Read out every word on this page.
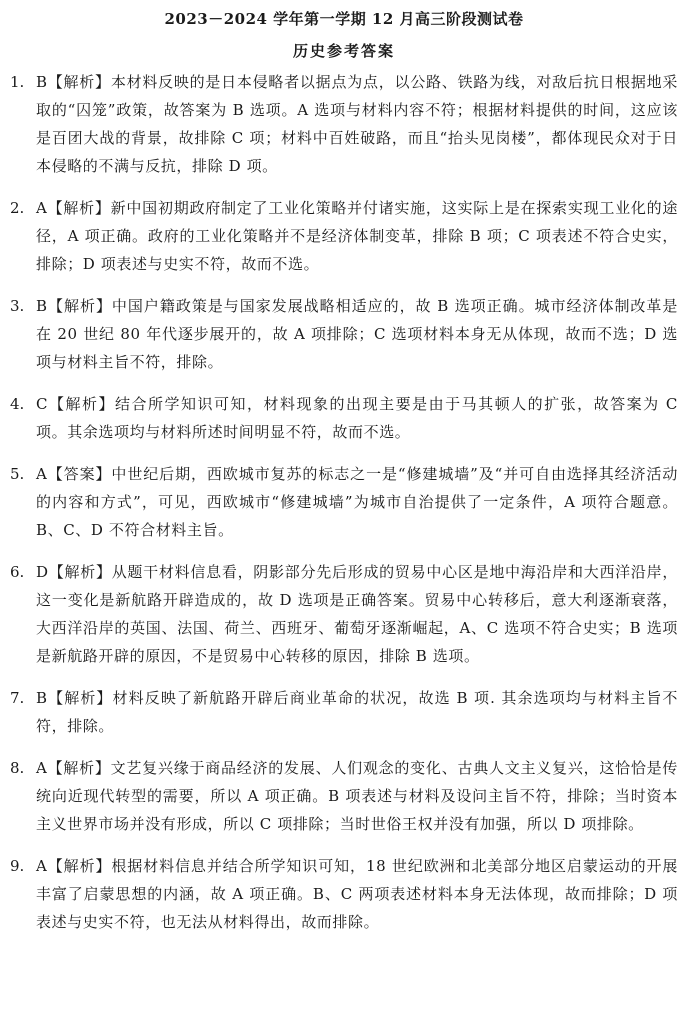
2023－2024 学年第一学期 12 月高三阶段测试卷
历史参考答案
1. B【解析】本材料反映的是日本侵略者以据点为点，以公路、铁路为线，对敌后抗日根据地采取的“囚笼”政策，故答案为 B 选项。A 选项与材料内容不符；根据材料提供的时间，这应该是百团大战的背景，故排除 C 项；材料中百姓破路，而且“抬头见岗楼”，都体现民众对于日本侵略的不满与反抗，排除 D 项。
2. A【解析】新中国初期政府制定了工业化策略并付诸实施，这实际上是在探索实现工业化的途径，A 项正确。政府的工业化策略并不是经济体制变革，排除 B 项；C 项表述不符合史实，排除；D 项表述与史实不符，故而不选。
3. B【解析】中国户籍政策是与国家发展战略相适应的，故 B 选项正确。城市经济体制改革是在 20 世纪 80 年代逐步展开的，故 A 项排除；C 选项材料本身无从体现，故而不选；D 选项与材料主旨不符，排除。
4. C【解析】结合所学知识可知，材料现象的出现主要是由于马其顿人的扩张，故答案为 C 项。其余选项均与材料所述时间明显不符，故而不选。
5. A【答案】中世纪后期，西欧城市复苏的标志之一是“修建城墙”及“并可自由选择其经济活动的内容和方式”，可见，西欧城市“修建城墙”为城市自治提供了一定条件，A 项符合题意。B、C、D 不符合材料主旨。
6. D【解析】从题干材料信息看，阴影部分先后形成的贸易中心区是地中海沿岸和大西洋沿岸，这一变化是新航路开辟造成的，故 D 选项是正确答案。贸易中心转移后，意大利逐渐衰落，大西洋沿岸的英国、法国、荷兰、西班牙、葡萄牙逐渐崛起，A、C 选项不符合史实；B 选项是新航路开辟的原因，不是贸易中心转移的原因，排除 B 选项。
7. B【解析】材料反映了新航路开辟后商业革命的状况，故选 B 项. 其余选项均与材料主旨不符，排除。
8. A【解析】文艺复兴缘于商品经济的发展、人们观念的变化、古典人文主义复兴，这恰恰是传统向近现代转型的需要，所以 A 项正确。B 项表述与材料及设问主旨不符，排除；当时资本主义世界市场并没有形成，所以 C 项排除；当时世俗王权并没有加强，所以 D 项排除。
9. A【解析】根据材料信息并结合所学知识可知，18 世纪欧洲和北美部分地区启蒙运动的开展丰富了启蒙思想的内涵，故 A 项正确。B、C 两项表述材料本身无法体现，故而排除；D 项表述与史实不符，也无法从材料得出，故而排除。
